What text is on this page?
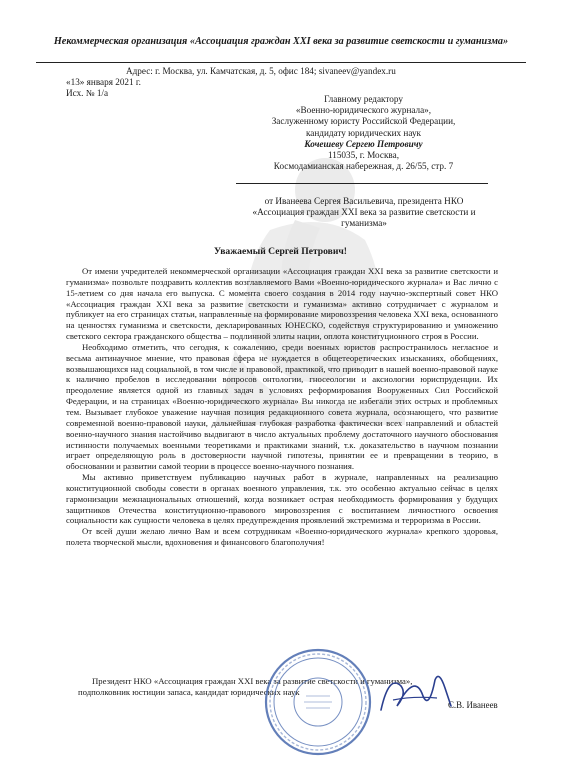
Некоммерческая организация «Ассоциация граждан XXI века за развитие светскости и гуманизма»
Адрес: г. Москва, ул. Камчатская, д. 5, офис 184; sivaneev@yandex.ru
«13» января 2021 г.
Исх. № 1/а
Главному редактору
«Военно-юридического журнала»,
Заслуженному юристу Российской Федерации,
кандидату юридических наук
Кочешеву Сергею Петровичу
115035, г. Москва,
Космодамианская набережная, д. 26/55, стр. 7
от Иванеева Сергея Васильевича, президента НКО
«Ассоциация граждан XXI века за развитие светскости и гуманизма»
Уважаемый Сергей Петрович!

От имени учредителей некоммерческой организации «Ассоциация граждан XXI века за развитие светскости и гуманизма» позвольте поздравить коллектив возглавляемого Вами «Военно-юридического журнала» и Вас лично с 15-летием со дня начала его выпуска. С момента своего создания в 2014 году научно-экспертный совет НКО «Ассоциация граждан XXI века за развитие светскости и гуманизма» активно сотрудничает с журналом и публикует на его страницах статьи, направленные на формирование мировоззрения человека XXI века, основанного на ценностях гуманизма и светскости, декларированных ЮНЕСКО, содействуя структурированию и умножению светского сектора гражданского общества – подлинной элиты нации, оплота конституционного строя в России.

Необходимо отметить, что сегодня, к сожалению, среди военных юристов распространилось негласное и весьма антинаучное мнение, что правовая сфера не нуждается в общетеоретических изысканиях, обобщениях, возвышающихся над социальной, в том числе и правовой, практикой, что приводит в нашей военно-правовой науке к наличию пробелов в исследовании вопросов онтологии, гносеологии и аксиологии юриспруденции. Их преодоление является одной из главных задач в условиях реформирования Вооруженных Сил Российской Федерации, и на страницах «Военно-юридического журнала» Вы никогда не избегали этих острых и проблемных тем. Вызывает глубокое уважение научная позиция редакционного совета журнала, осознающего, что развитие современной военно-правовой науки, дальнейшая глубокая разработка фактически всех направлений и областей военно-научного знания настойчиво выдвигают в число актуальных проблему достаточного научного обоснования истинности получаемых военными теоретиками и практиками знаний, т.к. доказательство в научном познании играет определяющую роль в достоверности научной гипотезы, принятии ее и превращении в теорию, в обосновании и развитии самой теории в процессе военно-научного познания.

Мы активно приветствуем публикацию научных работ в журнале, направленных на реализацию конституционной свободы совести в органах военного управления, т.к. это особенно актуально сейчас в целях гармонизации межнациональных отношений, когда возникает острая необходимость формирования у будущих защитников Отечества конституционно-правового мировоззрения с воспитанием личностного освоения социальности как сущности человека в целях предупреждения проявлений экстремизма и терроризма в России.

От всей души желаю лично Вам и всем сотрудникам «Военно-юридического журнала» крепкого здоровья, полета творческой мысли, вдохновения и финансового благополучия!

Президент НКО «Ассоциация граждан XXI века за развитие светскости и гуманизма»,
подполковник юстиции запаса, кандидат юридических наук
С.В. Иванеев
